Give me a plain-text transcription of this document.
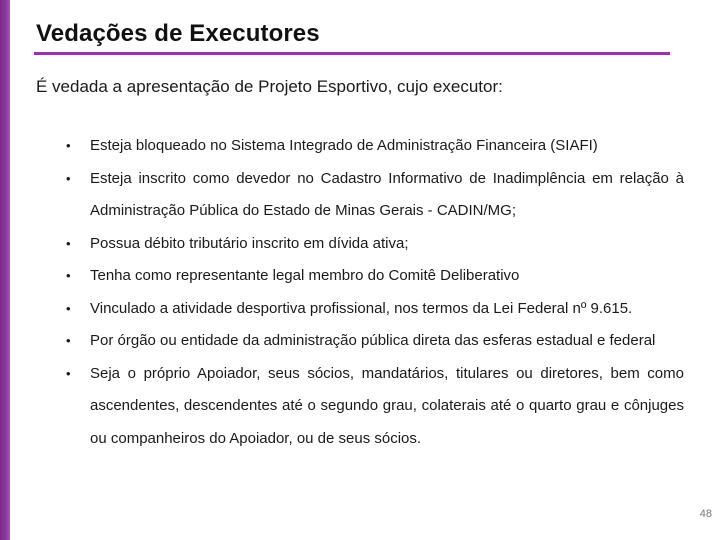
Vedações de Executores
É vedada a apresentação de Projeto Esportivo, cujo executor:
• Esteja bloqueado no Sistema Integrado de Administração Financeira (SIAFI)
• Esteja inscrito como devedor no Cadastro Informativo de Inadimplência em relação à Administração Pública do Estado de Minas Gerais - CADIN/MG;
• Possua débito tributário inscrito em dívida ativa;
• Tenha como representante legal membro do Comitê Deliberativo
• Vinculado a atividade desportiva profissional, nos termos da Lei Federal nº 9.615.
• Por órgão ou entidade da administração pública direta das esferas estadual e federal
• Seja o próprio Apoiador, seus sócios, mandatários, titulares ou diretores, bem como ascendentes, descendentes até o segundo grau, colaterais até o quarto grau e cônjuges ou companheiros do Apoiador, ou de seus sócios.
48
